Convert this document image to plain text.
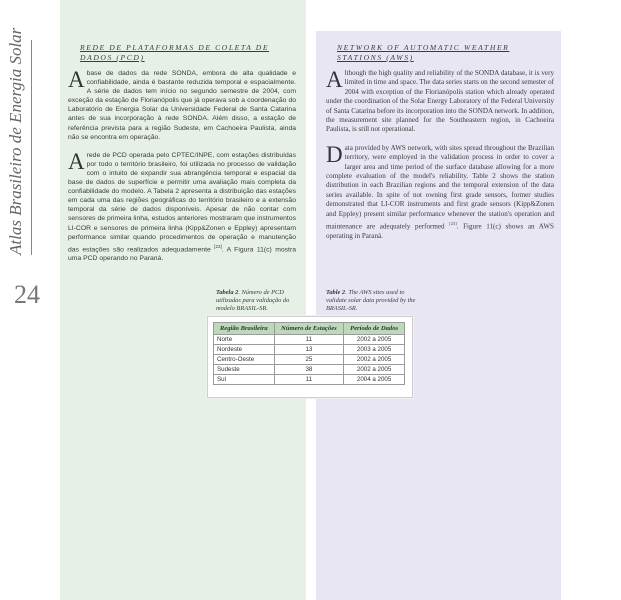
Atlas Brasileiro de Energia Solar
24
REDE DE PLATAFORMAS DE COLETA DE DADOS (PCD)

A base de dados da rede SONDA, embora de alta qualidade e confiabilidade, ainda é bastante reduzida temporal e espacialmente. A série de dados tem início no segundo semestre de 2004, com exceção da estação de Florianópolis que já operava sob a coordenação do Laboratório de Energia Solar da Universidade Federal de Santa Catarina antes de sua incorporação à rede SONDA. Além disso, a estação de referência prevista para a região Sudeste, em Cachoeira Paulista, ainda não se encontra em operação.

A rede de PCD operada pelo CPTEC/INPE, com estações distribuídas por todo o território brasileiro, foi utilizada no processo de validação com o intuito de expandir sua abrangência temporal e espacial da base de dados de superfície e permitir uma avaliação mais completa da confiabilidade do modelo. A Tabela 2 apresenta a distribuição das estações em cada uma das regiões geográficas do território brasileiro e a extensão temporal da série de dados disponíveis. Apesar de não contar com sensores de primeira linha, estudos anteriores mostraram que instrumentos LI-COR e sensores de primeira linha (Kipp&Zonen e Eppley) apresentam performance similar quando procedimentos de operação e manutenção das estações são realizados adequadamente [23]. A Figura 11(c) mostra uma PCD operando no Paraná.

Tabela 2. Número de PCD utilizadas para validação do modelo BRASIL-SR.
NETWORK OF AUTOMATIC WEATHER STATIONS (AWS)

Although the high quality and reliability of the SONDA database, it is very limited in time and space. The data series starts on the second semester of 2004 with exception of the Florianópolis station which already operated under the coordination of the Solar Energy Laboratory of the Federal University of Santa Catarina before its incorporation into the SONDA network. In addition, the measurement site planned for the Southeastern region, in Cachoeira Paulista, is still not operational.

Data provided by AWS network, with sites spread throughout the Brazilian territory, were employed in the validation process in order to cover a larger area and time period of the surface database allowing for a more complete evaluation of the model's reliability. Table 2 shows the station distribution in each Brazilian regions and the temporal extension of the data series available. In spite of not owning first grade sensors, former studies demonstrated that LI-COR instruments and first grade sensors (Kipp&Zonen and Eppley) present similar performance whenever the station's operation and maintenance are adequately performed [23]. Figure 11(c) shows an AWS operating in Paraná.

Table 2. The AWS sites used to validate solar data provided by the BRASIL-SR.
Região Brasileira	Número de Estações	Período de Dados
Norte	11	2002 a 2005
Nordeste	13	2003 a 2005
Centro-Oeste	25	2002 a 2005
Sudeste	38	2002 a 2005
Sul	11	2004 a 2005
